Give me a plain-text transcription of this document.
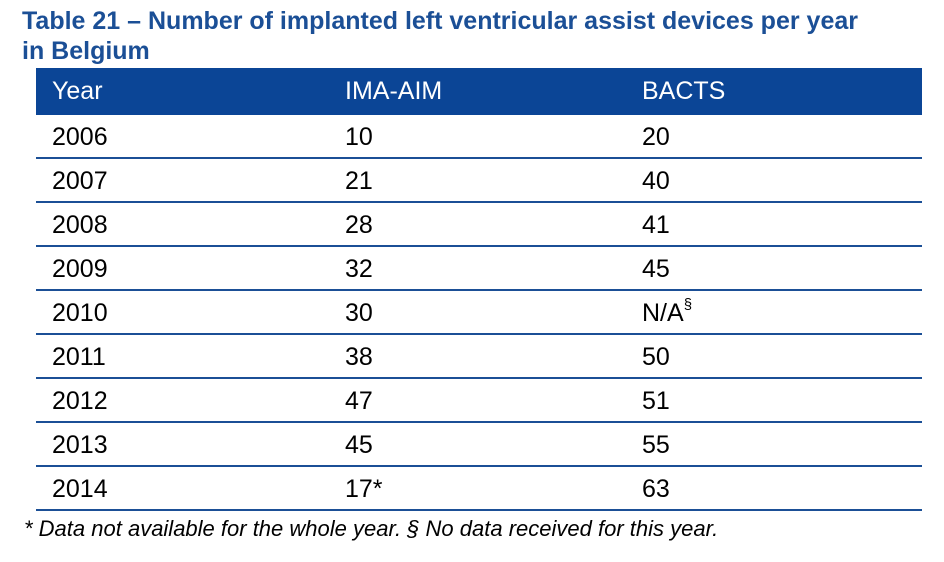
Table 21 – Number of implanted left ventricular assist devices per year
in Belgium
Year	IMA-AIM	BACTS
2006	10	20
2007	21	40
2008	28	41
2009	32	45
2010	30	N/A§
2011	38	50
2012	47	51
2013	45	55
2014	17*	63
* Data not available for the whole year. § No data received for this year.
